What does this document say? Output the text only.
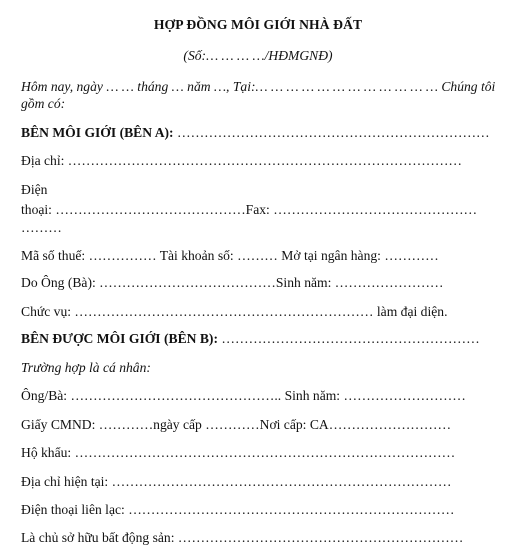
HỢP ĐỒNG MÔI GIỚI NHÀ ĐẤT
(Số:… … … …/HĐMGNĐ)
Hôm nay, ngày … … tháng … năm …, Tại:… … … … … … … … … … … … Chúng tôi
gồm có:
BÊN MÔI GIỚI (BÊN A): ……………………………………………………………
Địa chỉ: ……………………………………………………………………………
Điện
thoại: ……………………………………Fax: ………………………………………
………
Mã số thuế: …………… Tài khoản số: ……… Mở tại ngân hàng: …………
Do Ông (Bà): …………………………………Sinh năm: ……………………
Chức vụ: ………………………………………………………… làm đại diện.
BÊN ĐƯỢC MÔI GIỚI (BÊN B): …………………………………………………
Trường hợp là cá nhân:
Ông/Bà: ……………………………………….. Sinh năm: ………………………
Giấy CMND: …………ngày cấp …………Nơi cấp: CA………………………
Hộ khẩu: …………………………………………………………………………
Địa chỉ hiện tại: …………………………………………………………………
Điện thoại liên lạc: ………………………………………………………………
Là chủ sở hữu bất động sản: ………………………………………………………
